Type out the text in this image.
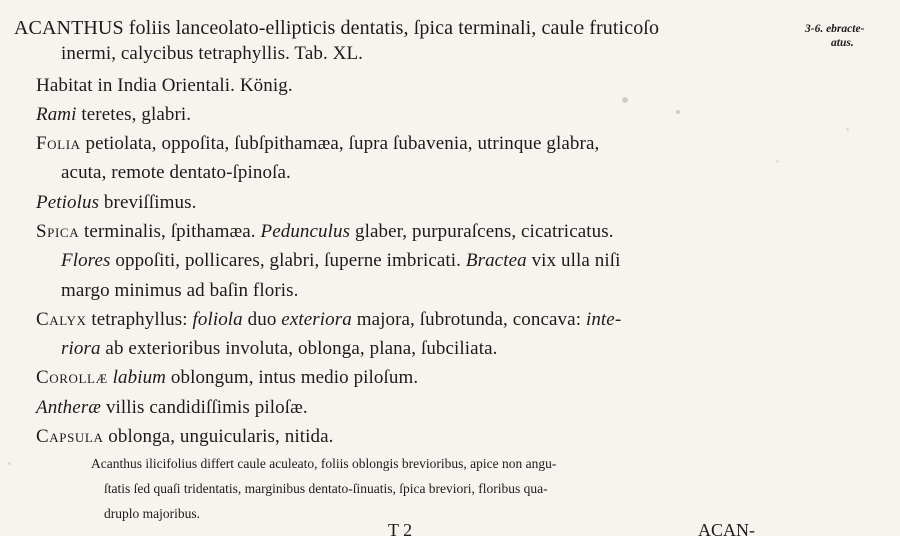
ACANTHUS foliis lanceolato-ellipticis dentatis, ſpica terminali, caule fruticoſo
inermi, calycibus tetraphyllis. Tab. XL.
3-6. ebracte-
atus.
Habitat in India Orientali. König.
Rami teretes, glabri.
Folia petiolata, oppoſita, ſubſpithamæa, ſupra ſubavenia, utrinque glabra,
acuta, remote dentato-ſpinoſa.
Petiolus breviſſimus.
Spica terminalis, ſpithamæa. Pedunculus glaber, purpuraſcens, cicatricatus.
Flores oppoſiti, pollicares, glabri, ſuperne imbricati. Bractea vix ulla niſi
margo minimus ad baſin floris.
Calyx tetraphyllus: foliola duo exteriora majora, ſubrotunda, concava: inte-
riora ab exterioribus involuta, oblonga, plana, ſubciliata.
Corollæ labium oblongum, intus medio piloſum.
Antheræ villis candidiſſimis piloſæ.
Capsula oblonga, unguicularis, nitida.
Acanthus ilicifolius differt caule aculeato, foliis oblongis brevioribus, apice non angu-
ſtatis ſed quaſi tridentatis, marginibus dentato-ſinuatis, ſpica breviori, floribus qua-
druplo majoribus.
T 2	ACAN-
